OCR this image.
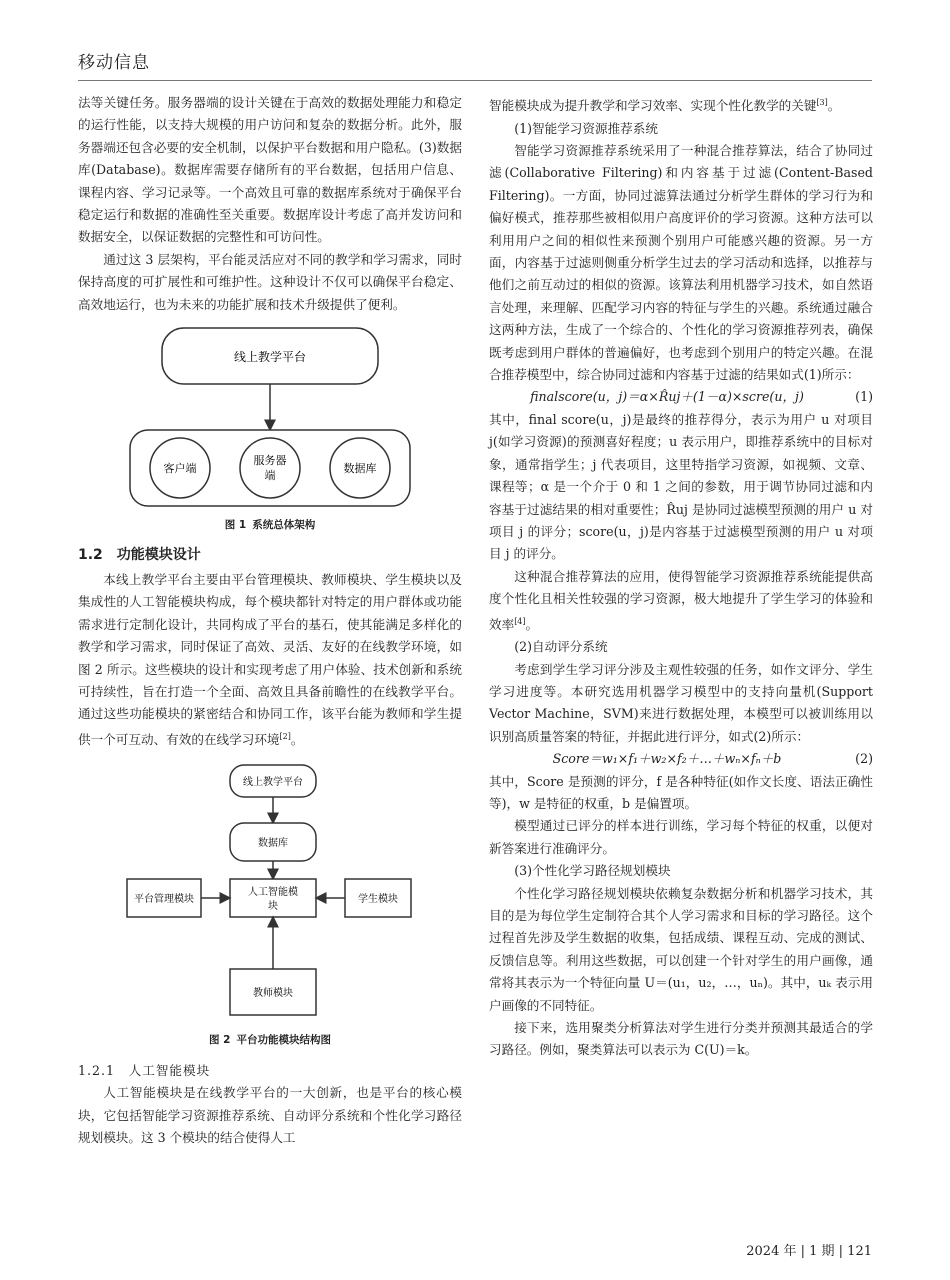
移动信息

法等关键任务。服务器端的设计关键在于高效的数据处理能力和稳定的运行性能，以支持大规模的用户访问和复杂的数据分析。此外，服务器端还包含必要的安全机制，以保护平台数据和用户隐私。(3)数据库(Database)。数据库需要存储所有的平台数据，包括用户信息、课程内容、学习记录等。一个高效且可靠的数据库系统对于确保平台稳定运行和数据的准确性至关重要。数据库设计考虑了高并发访问和数据安全，以保证数据的完整性和可访问性。

通过这 3 层架构，平台能灵活应对不同的教学和学习需求，同时保持高度的可扩展性和可维护性。这种设计不仅可以确保平台稳定、高效地运行，也为未来的功能扩展和技术升级提供了便利。

线上教学平台
客户端
服务器
端
数据库

图 1 系统总体架构

1.2　功能模块设计

本线上教学平台主要由平台管理模块、教师模块、学生模块以及集成性的人工智能模块构成，每个模块都针对特定的用户群体或功能需求进行定制化设计，共同构成了平台的基石，使其能满足多样化的教学和学习需求，同时保证了高效、灵活、友好的在线教学环境，如图 2 所示。这些模块的设计和实现考虑了用户体验、技术创新和系统可持续性，旨在打造一个全面、高效且具备前瞻性的在线教学平台。通过这些功能模块的紧密结合和协同工作，该平台能为教师和学生提供一个可互动、有效的在线学习环境[2]。

线上教学平台
数据库
人工智能模
块
平台管理模块	学生模块
教师模块

图 2 平台功能模块结构图

1.2.1　人工智能模块

人工智能模块是在线教学平台的一大创新，也是平台的核心模块，它包括智能学习资源推荐系统、自动评分系统和个性化学习路径规划模块。这 3 个模块的结合使得人工

智能模块成为提升教学和学习效率、实现个性化教学的关键[3]。

(1)智能学习资源推荐系统

智能学习资源推荐系统采用了一种混合推荐算法，结合了协同过滤(Collaborative Filtering)和内容基于过滤(Content-Based Filtering)。一方面，协同过滤算法通过分析学生群体的学习行为和偏好模式，推荐那些被相似用户高度评价的学习资源。这种方法可以利用用户之间的相似性来预测个别用户可能感兴趣的资源。另一方面，内容基于过滤则侧重分析学生过去的学习活动和选择，以推荐与他们之前互动过的相似的资源。该算法利用机器学习技术，如自然语言处理，来理解、匹配学习内容的特征与学生的兴趣。系统通过融合这两种方法，生成了一个综合的、个性化的学习资源推荐列表，确保既考虑到用户群体的普遍偏好，也考虑到个别用户的特定兴趣。在混合推荐模型中，综合协同过滤和内容基于过滤的结果如式(1)所示：

finalscore(u，j)＝α×R̂uj＋(1－α)×scre(u，j)	(1)

其中，final score(u，j)是最终的推荐得分，表示为用户 u 对项目 j(如学习资源)的预测喜好程度；u 表示用户，即推荐系统中的目标对象，通常指学生；j 代表项目，这里特指学习资源，如视频、文章、课程等；α 是一个介于 0 和 1 之间的参数，用于调节协同过滤和内容基于过滤结果的相对重要性；R̂uj 是协同过滤模型预测的用户 u 对项目 j 的评分；score(u，j)是内容基于过滤模型预测的用户 u 对项目 j 的评分。

这种混合推荐算法的应用，使得智能学习资源推荐系统能提供高度个性化且相关性较强的学习资源，极大地提升了学生学习的体验和效率[4]。

(2)自动评分系统

考虑到学生学习评分涉及主观性较强的任务，如作文评分、学生学习进度等。本研究选用机器学习模型中的支持向量机(Support Vector Machine，SVM)来进行数据处理，本模型可以被训练用以识别高质量答案的特征，并据此进行评分，如式(2)所示：

Score＝w₁×f₁＋w₂×f₂＋…＋wₙ×fₙ＋b	(2)

其中，Score 是预测的评分，f 是各种特征(如作文长度、语法正确性等)，w 是特征的权重，b 是偏置项。

模型通过已评分的样本进行训练，学习每个特征的权重，以便对新答案进行准确评分。

(3)个性化学习路径规划模块

个性化学习路径规划模块依赖复杂数据分析和机器学习技术，其目的是为每位学生定制符合其个人学习需求和目标的学习路径。这个过程首先涉及学生数据的收集，包括成绩、课程互动、完成的测试、反馈信息等。利用这些数据，可以创建一个针对学生的用户画像，通常将其表示为一个特征向量 U＝(u₁，u₂，…，uₙ)。其中，uₖ 表示用户画像的不同特征。

接下来，选用聚类分析算法对学生进行分类并预测其最适合的学习路径。例如，聚类算法可以表示为 C(U)＝k。

2024 年 | 1 期 | 121
